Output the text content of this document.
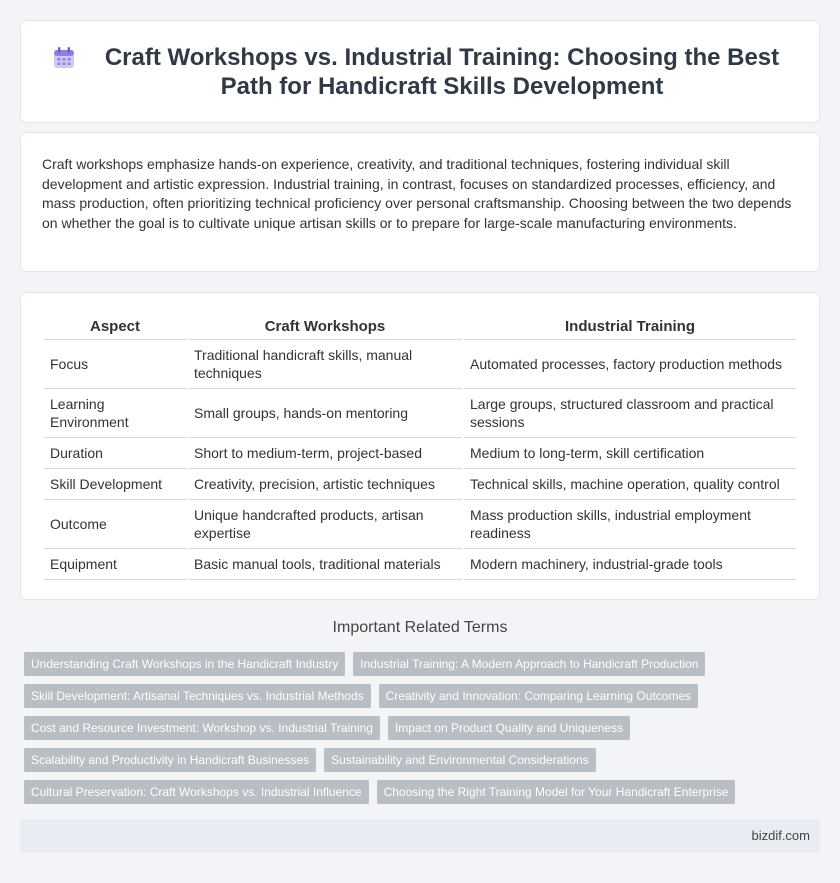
Craft Workshops vs. Industrial Training: Choosing the Best Path for Handicraft Skills Development

Craft workshops emphasize hands-on experience, creativity, and traditional techniques, fostering individual skill development and artistic expression. Industrial training, in contrast, focuses on standardized processes, efficiency, and mass production, often prioritizing technical proficiency over personal craftsmanship. Choosing between the two depends on whether the goal is to cultivate unique artisan skills or to prepare for large-scale manufacturing environments.

Aspect	Craft Workshops	Industrial Training
Focus	Traditional handicraft skills, manual techniques	Automated processes, factory production methods
Learning Environment	Small groups, hands-on mentoring	Large groups, structured classroom and practical sessions
Duration	Short to medium-term, project-based	Medium to long-term, skill certification
Skill Development	Creativity, precision, artistic techniques	Technical skills, machine operation, quality control
Outcome	Unique handcrafted products, artisan expertise	Mass production skills, industrial employment readiness
Equipment	Basic manual tools, traditional materials	Modern machinery, industrial-grade tools
Important Related Terms
Understanding Craft Workshops in the Handicraft Industry	Industrial Training: A Modern Approach to Handicraft Production
Skill Development: Artisanal Techniques vs. Industrial Methods	Creativity and Innovation: Comparing Learning Outcomes
Cost and Resource Investment: Workshop vs. Industrial Training	Impact on Product Quality and Uniqueness
Scalability and Productivity in Handicraft Businesses	Sustainability and Environmental Considerations
Cultural Preservation: Craft Workshops vs. Industrial Influence	Choosing the Right Training Model for Your Handicraft Enterprise
bizdif.com
